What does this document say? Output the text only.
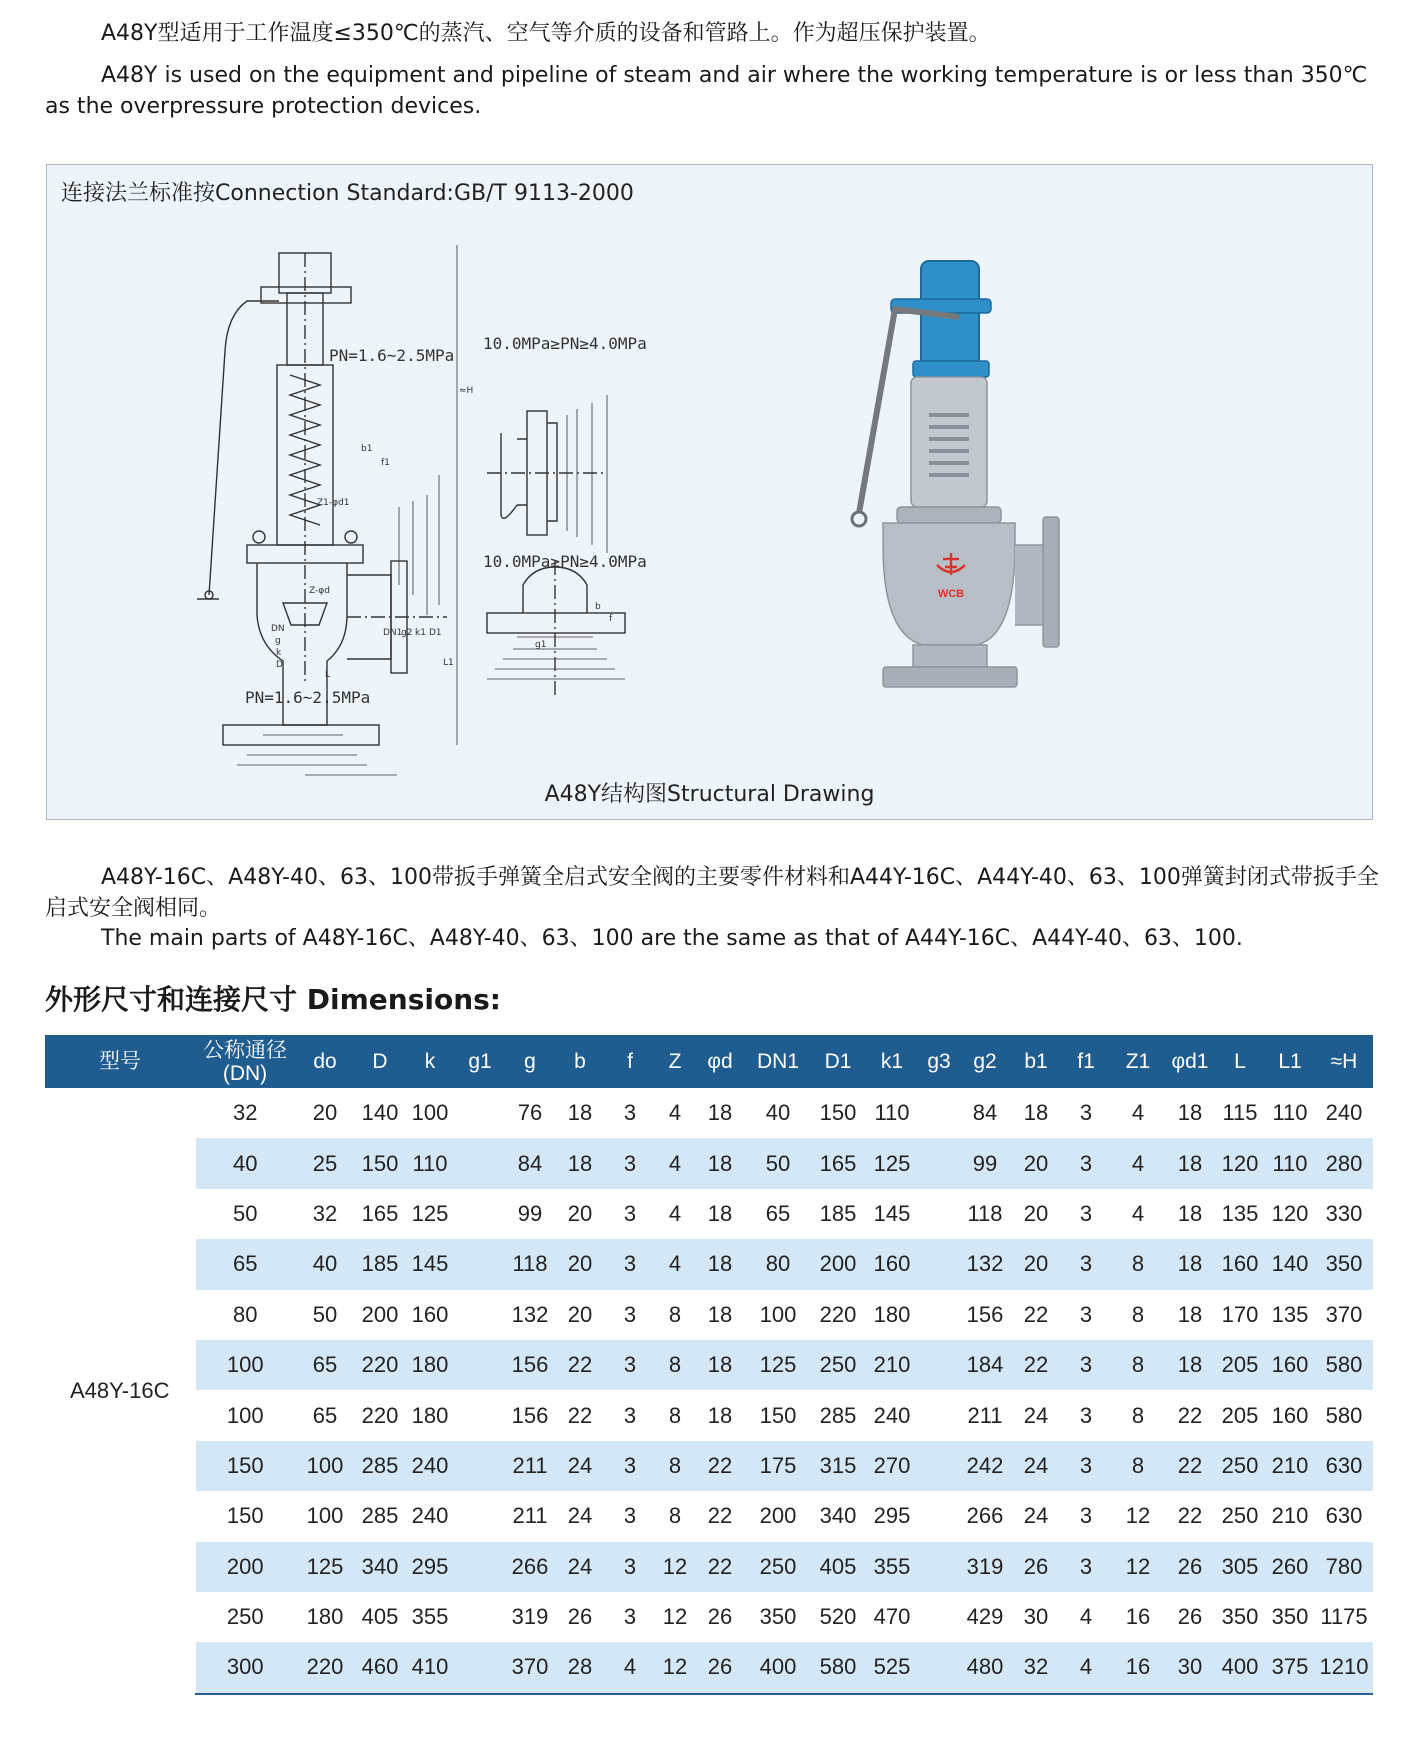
A48Y型适用于工作温度≤350℃的蒸汽、空气等介质的设备和管路上。作为超压保护装置。

A48Y is used on the equipment and pipeline of steam and air where the working temperature is or less than 350℃ as the overpressure protection devices.

连接法兰标准按Connection Standard:GB/T 9113-2000
PN=1.6~2.5MPa
PN=1.6~2.5MPa
10.0MPa≥PN≥4.0MPa
10.0MPa≥PN≥4.0MPa
≈H
DN1
g2 k1 D1
L1
b1
f1
Z1-φd1
Z-φd
DN
g
k
D
L
g1
b
f
WCB
A48Y结构图Structural Drawing

A48Y-16C、A48Y-40、63、100带扳手弹簧全启式安全阀的主要零件材料和A44Y-16C、A44Y-40、63、100弹簧封闭式带扳手全启式安全阀相同。

The main parts of A48Y-16C、A48Y-40、63、100 are the same as that of A44Y-16C、A44Y-40、63、100.

外形尺寸和连接尺寸 Dimensions:
型号	公称通径
(DN)	do	D	k	g1	g	b	f	Z	φd	DN1	D1	k1	g3	g2	b1	f1	Z1	φd1	L	L1	≈H
A48Y-16C	32	20	140	100		76	18	3	4	18	40	150	110		84	18	3	4	18	115	110	240
	40	25	150	110		84	18	3	4	18	50	165	125		99	20	3	4	18	120	110	280
	50	32	165	125		99	20	3	4	18	65	185	145		118	20	3	4	18	135	120	330
	65	40	185	145		118	20	3	4	18	80	200	160		132	20	3	8	18	160	140	350
	80	50	200	160		132	20	3	8	18	100	220	180		156	22	3	8	18	170	135	370
	100	65	220	180		156	22	3	8	18	125	250	210		184	22	3	8	18	205	160	580
	100	65	220	180		156	22	3	8	18	150	285	240		211	24	3	8	22	205	160	580
	150	100	285	240		211	24	3	8	22	175	315	270		242	24	3	8	22	250	210	630
	150	100	285	240		211	24	3	8	22	200	340	295		266	24	3	12	22	250	210	630
	200	125	340	295		266	24	3	12	22	250	405	355		319	26	3	12	26	305	260	780
	250	180	405	355		319	26	3	12	26	350	520	470		429	30	4	16	26	350	350	1175
	300	220	460	410		370	28	4	12	26	400	580	525		480	32	4	16	30	400	375	1210
